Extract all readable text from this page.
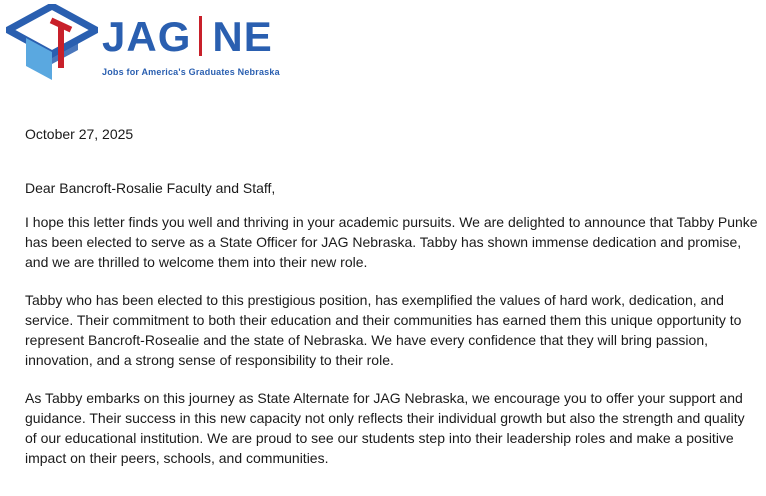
JAG NE
Jobs for America's Graduates Nebraska

October 27, 2025

Dear Bancroft-Rosalie Faculty and Staff,

I hope this letter finds you well and thriving in your academic pursuits. We are delighted to announce that Tabby Punke has been elected to serve as a State Officer for JAG Nebraska. Tabby has shown immense dedication and promise, and we are thrilled to welcome them into their new role.

Tabby who has been elected to this prestigious position, has exemplified the values of hard work, dedication, and service. Their commitment to both their education and their communities has earned them this unique opportunity to represent Bancroft-Rosealie and the state of Nebraska. We have every confidence that they will bring passion, innovation, and a strong sense of responsibility to their role.

As Tabby embarks on this journey as State Alternate for JAG Nebraska, we encourage you to offer your support and guidance. Their success in this new capacity not only reflects their individual growth but also the strength and quality of our educational institution. We are proud to see our students step into their leadership roles and make a positive impact on their peers, schools, and communities.
